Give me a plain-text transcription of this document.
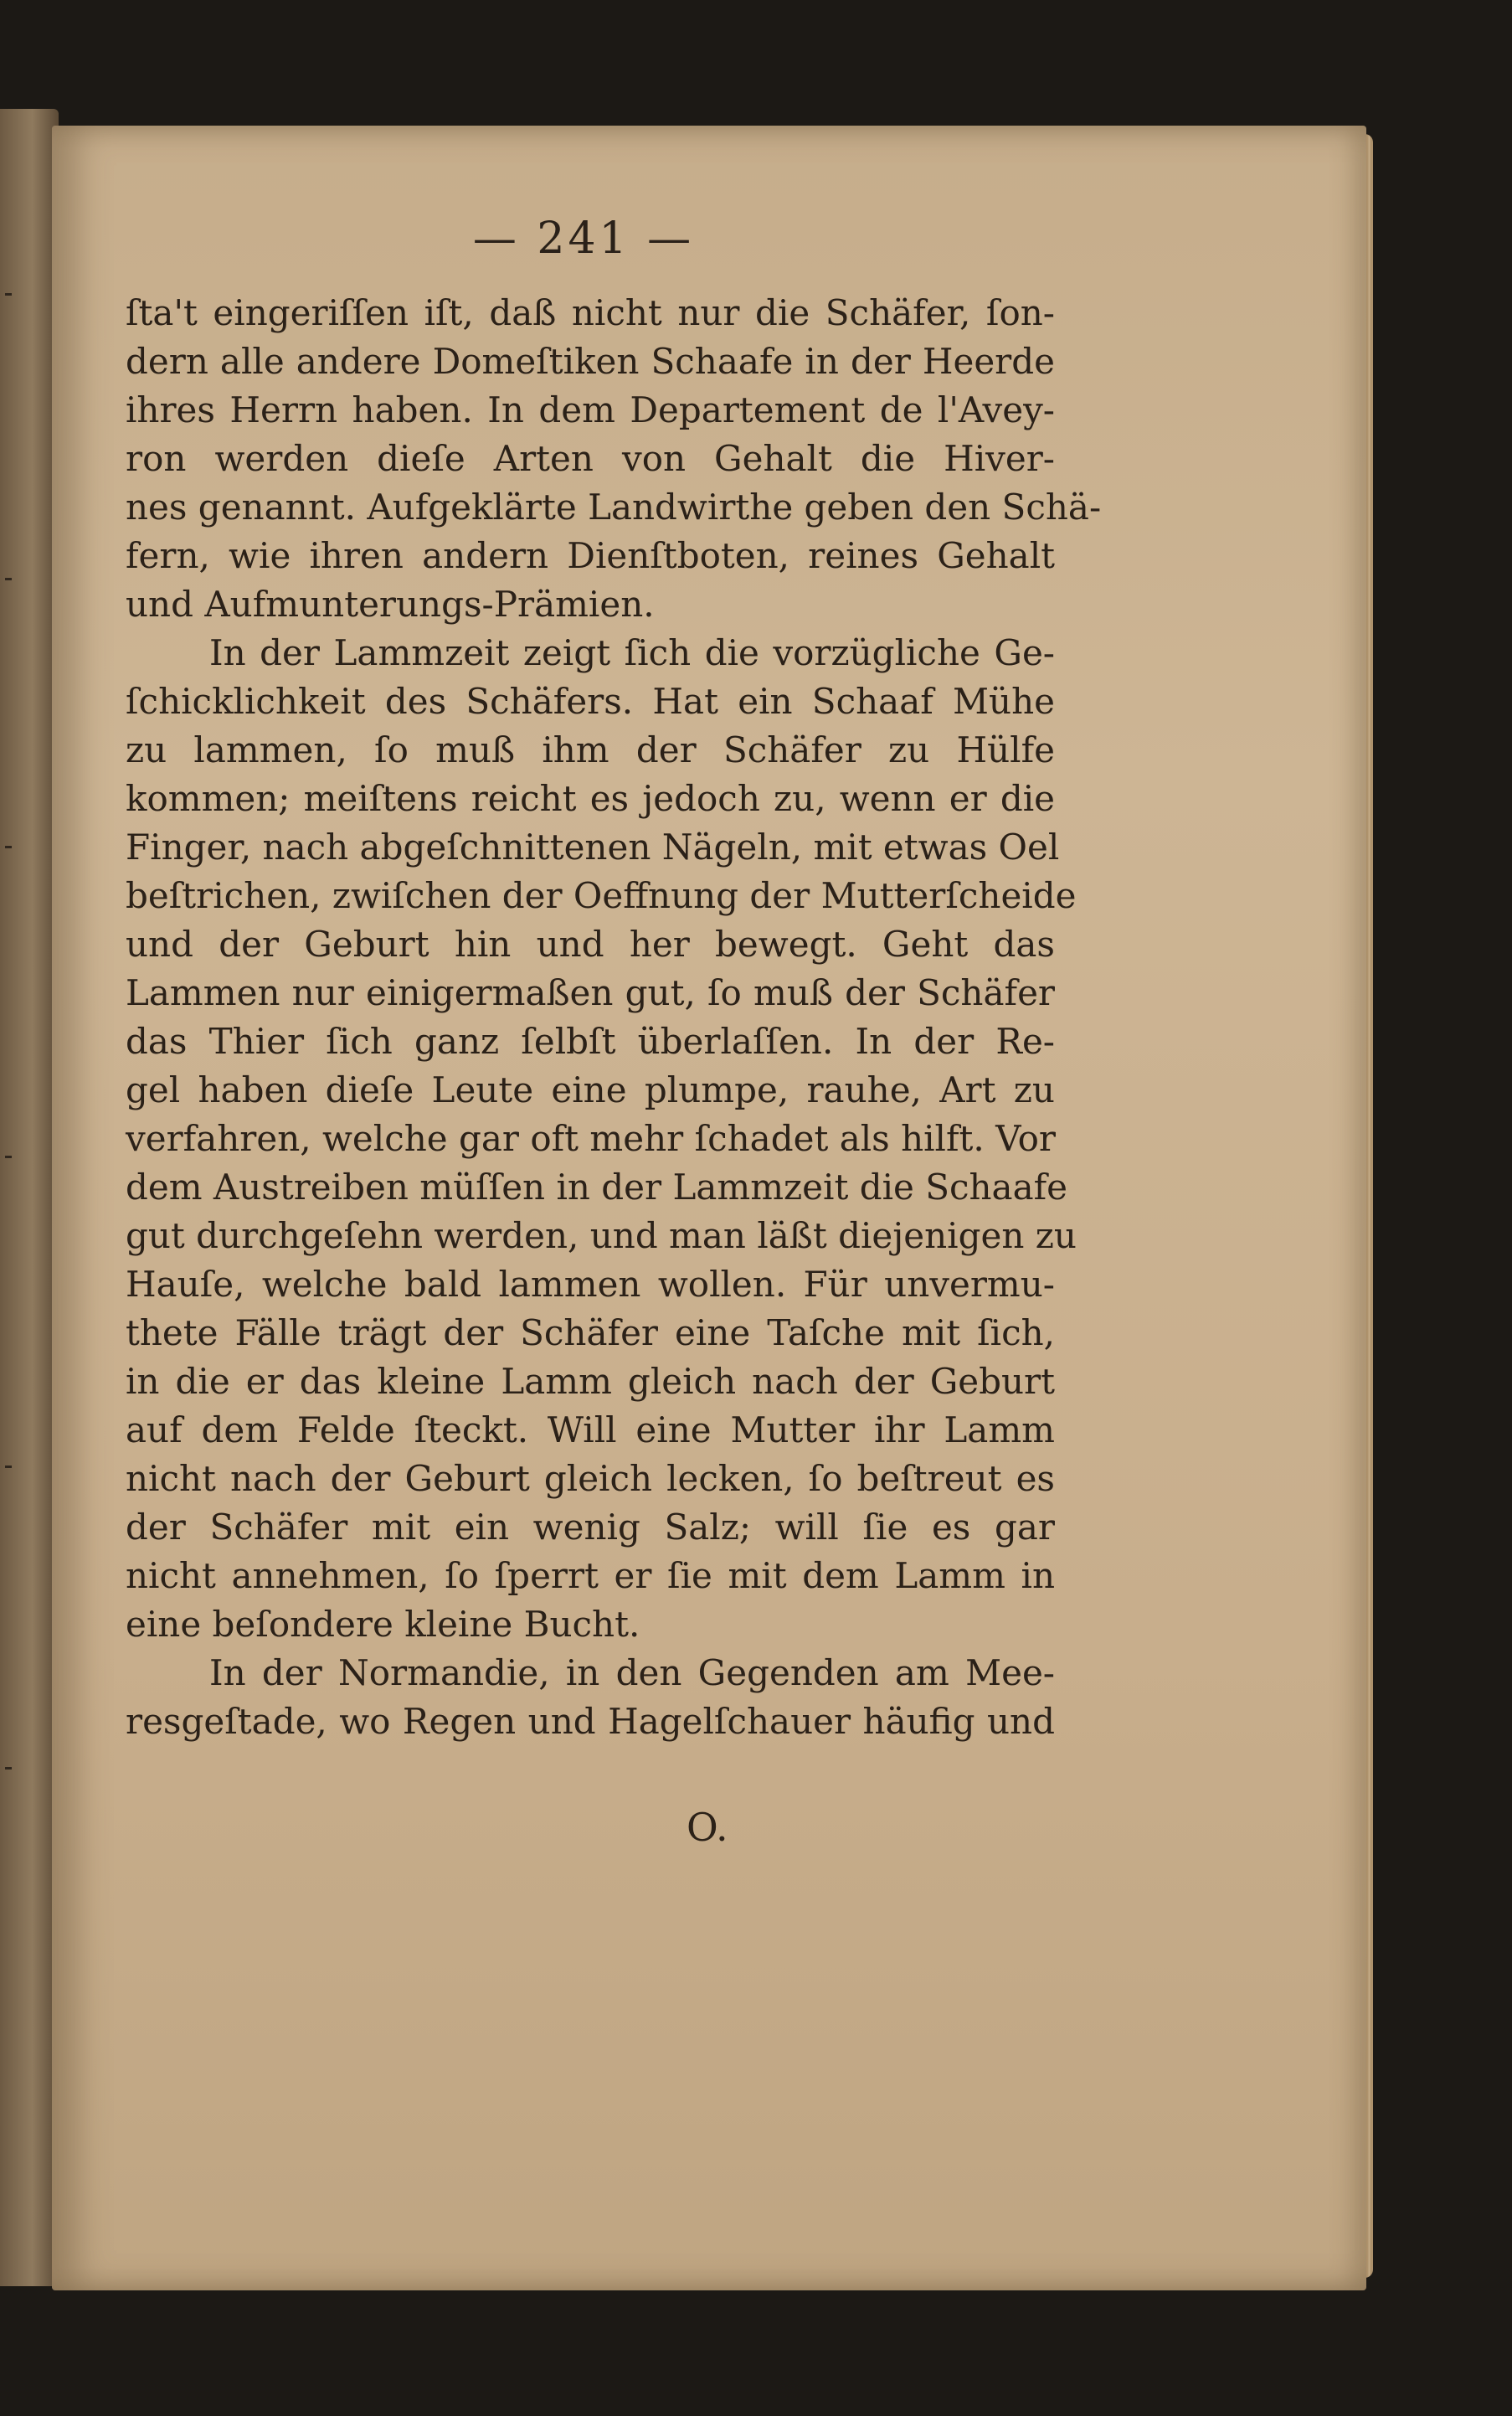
— 241 —
ſta't eingeriſſen iſt, daß nicht nur die Schäfer, ſon-
dern alle andere Domeſtiken Schaafe in der Heerde
ihres Herrn haben. In dem Departement de l'Avey-
ron werden dieſe Arten von Gehalt die Hiver-
nes genannt. Aufgeklärte Landwirthe geben den Schä-
fern, wie ihren andern Dienſtboten, reines Gehalt
und Aufmunterungs-Prämien.
In der Lammzeit zeigt ſich die vorzügliche Ge-
ſchicklichkeit des Schäfers. Hat ein Schaaf Mühe
zu lammen, ſo muß ihm der Schäfer zu Hülfe
kommen; meiſtens reicht es jedoch zu, wenn er die
Finger, nach abgeſchnittenen Nägeln, mit etwas Oel
beſtrichen, zwiſchen der Oeffnung der Mutterſcheide
und der Geburt hin und her bewegt. Geht das
Lammen nur einigermaßen gut, ſo muß der Schäfer
das Thier ſich ganz ſelbſt überlaſſen. In der Re-
gel haben dieſe Leute eine plumpe, rauhe, Art zu
verfahren, welche gar oft mehr ſchadet als hilft. Vor
dem Austreiben müſſen in der Lammzeit die Schaafe
gut durchgeſehn werden, und man läßt diejenigen zu
Hauſe, welche bald lammen wollen. Für unvermu-
thete Fälle trägt der Schäfer eine Taſche mit ſich,
in die er das kleine Lamm gleich nach der Geburt
auf dem Felde ſteckt. Will eine Mutter ihr Lamm
nicht nach der Geburt gleich lecken, ſo beſtreut es
der Schäfer mit ein wenig Salz; will ſie es gar
nicht annehmen, ſo ſperrt er ſie mit dem Lamm in
eine beſondere kleine Bucht.
In der Normandie, in den Gegenden am Mee-
resgeſtade, wo Regen und Hagelſchauer häufig und
O.
